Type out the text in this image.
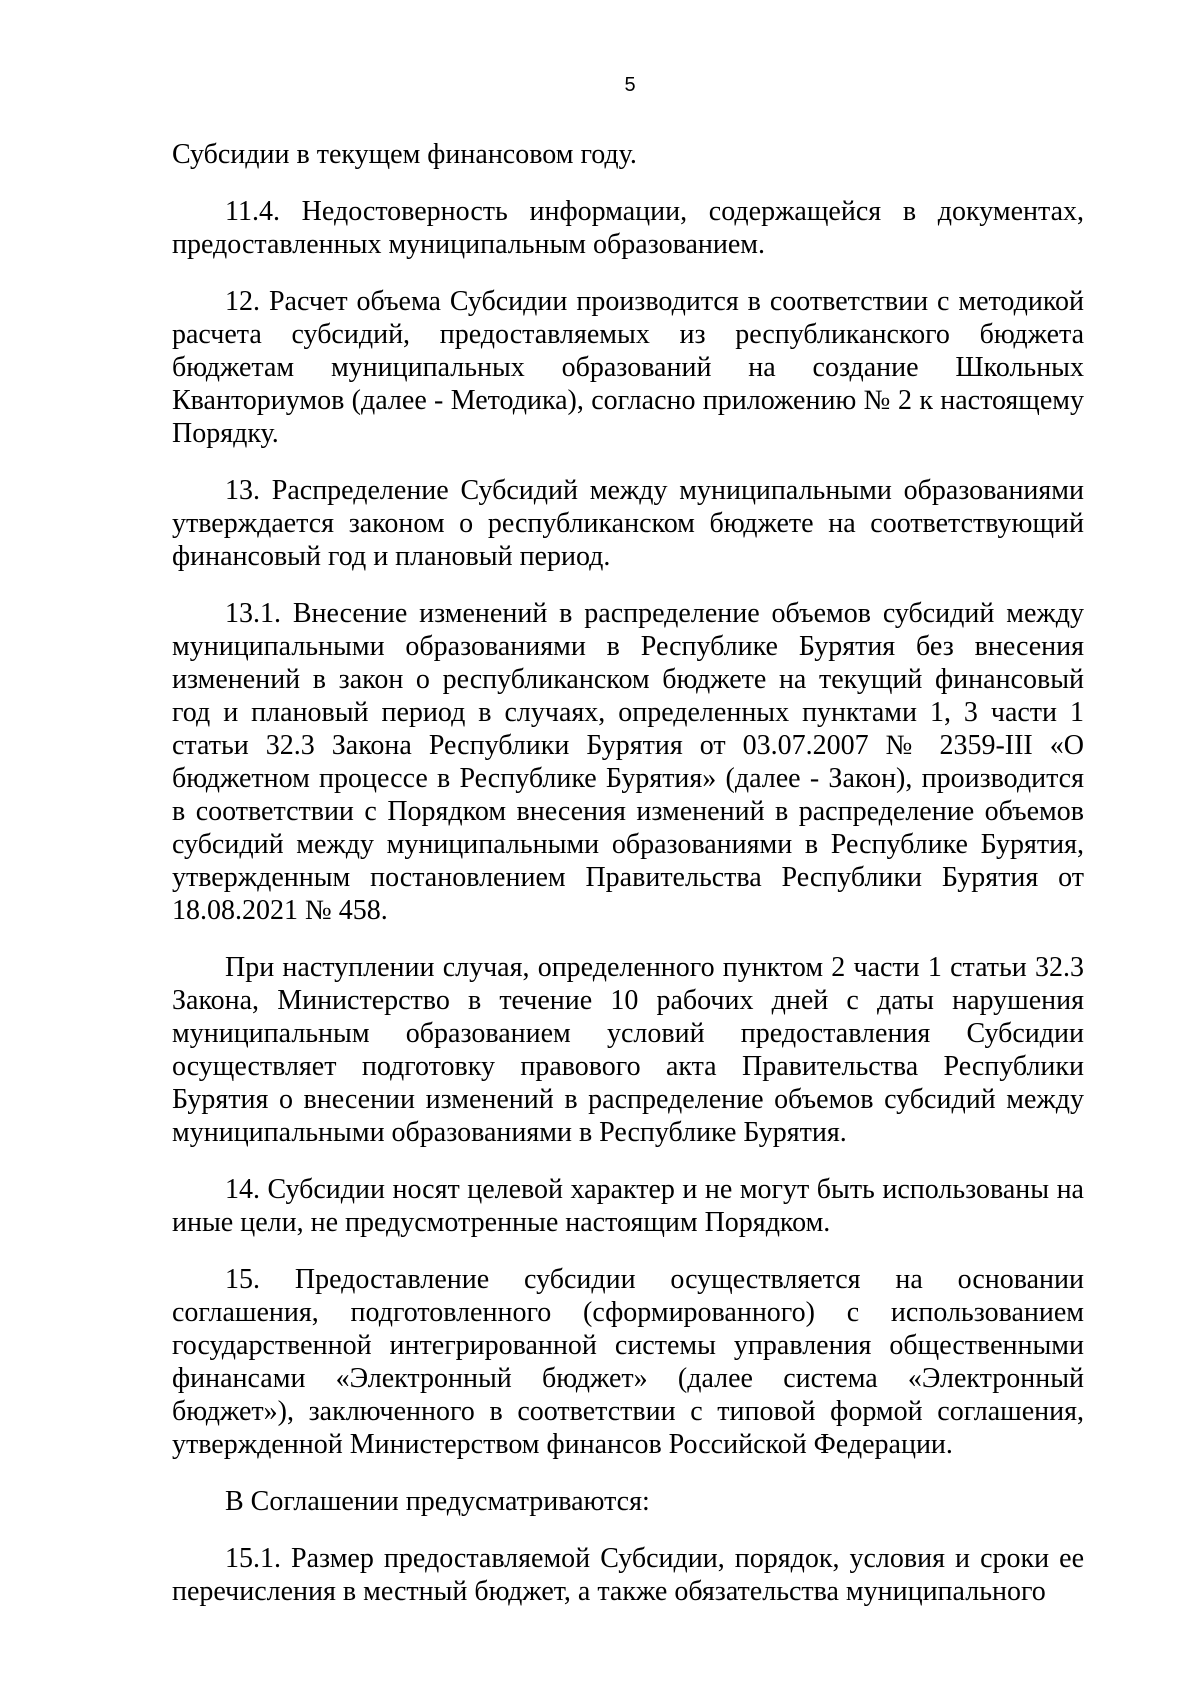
5

Субсидии в текущем финансовом году.

11.4. Недостоверность информации, содержащейся в документах, предоставленных муниципальным образованием.

12. Расчет объема Субсидии производится в соответствии с методикой расчета субсидий, предоставляемых из республиканского бюджета бюджетам муниципальных образований на создание Школьных Кванториумов (далее - Методика), согласно приложению № 2 к настоящему Порядку.

13. Распределение Субсидий между муниципальными образованиями утверждается законом о республиканском бюджете на соответствующий финансовый год и плановый период.

13.1. Внесение изменений в распределение объемов субсидий между муниципальными образованиями в Республике Бурятия без внесения изменений в закон о республиканском бюджете на текущий финансовый год и плановый период в случаях, определенных пунктами 1, 3 части 1 статьи 32.3 Закона Республики Бурятия от 03.07.2007 № 2359-III «О бюджетном процессе в Республике Бурятия» (далее - Закон), производится в соответствии с Порядком внесения изменений в распределение объемов субсидий между муниципальными образованиями в Республике Бурятия, утвержденным постановлением Правительства Республики Бурятия от 18.08.2021 № 458.

При наступлении случая, определенного пунктом 2 части 1 статьи 32.3 Закона, Министерство в течение 10 рабочих дней с даты нарушения муниципальным образованием условий предоставления Субсидии осуществляет подготовку правового акта Правительства Республики Бурятия о внесении изменений в распределение объемов субсидий между муниципальными образованиями в Республике Бурятия.

14. Субсидии носят целевой характер и не могут быть использованы на иные цели, не предусмотренные настоящим Порядком.

15. Предоставление субсидии осуществляется на основании соглашения, подготовленного (сформированного) с использованием государственной интегрированной системы управления общественными финансами «Электронный бюджет» (далее система «Электронный бюджет»), заключенного в соответствии с типовой формой соглашения, утвержденной Министерством финансов Российской Федерации.

В Соглашении предусматриваются:

15.1. Размер предоставляемой Субсидии, порядок, условия и сроки ее перечисления в местный бюджет, а также обязательства муниципального
